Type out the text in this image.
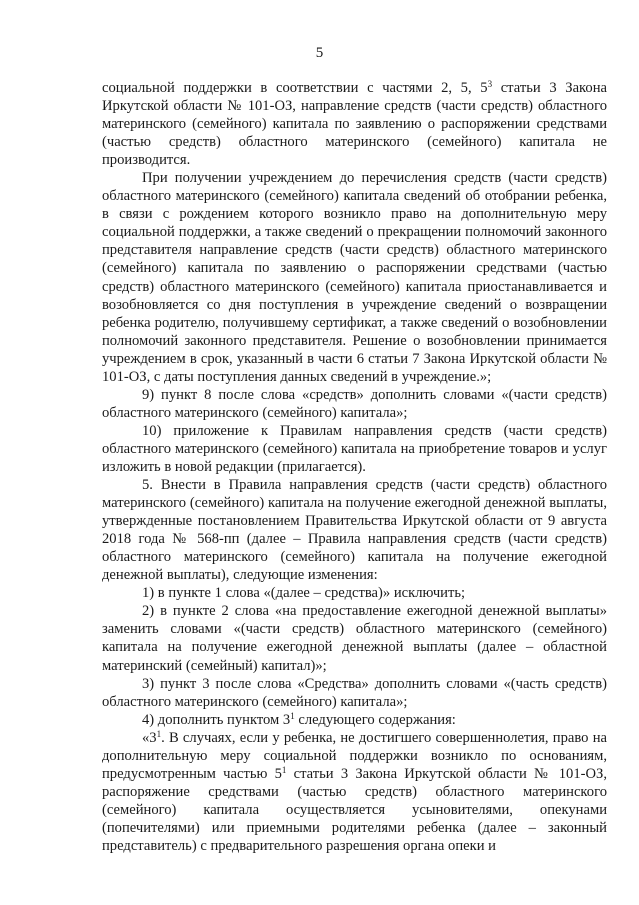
5

социальной поддержки в соответствии с частями 2, 5, $5^3$ статьи 3 Закона Иркутской области № 101-ОЗ, направление средств (части средств) областного материнского (семейного) капитала по заявлению о распоряжении средствами (частью средств) областного материнского (семейного) капитала не производится.

При получении учреждением до перечисления средств (части средств) областного материнского (семейного) капитала сведений об отобрании ребенка, в связи с рождением которого возникло право на дополнительную меру социальной поддержки, а также сведений о прекращении полномочий законного представителя направление средств (части средств) областного материнского (семейного) капитала по заявлению о распоряжении средствами (частью средств) областного материнского (семейного) капитала приостанавливается и возобновляется со дня поступления в учреждение сведений о возвращении ребенка родителю, получившему сертификат, а также сведений о возобновлении полномочий законного представителя. Решение о возобновлении принимается учреждением в срок, указанный в части 6 статьи 7 Закона Иркутской области № 101-ОЗ, с даты поступления данных сведений в учреждение.»;

9) пункт 8 после слова «средств» дополнить словами «(части средств) областного материнского (семейного) капитала»;

10) приложение к Правилам направления средств (части средств) областного материнского (семейного) капитала на приобретение товаров и услуг изложить в новой редакции (прилагается).

5. Внести в Правила направления средств (части средств) областного материнского (семейного) капитала на получение ежегодной денежной выплаты, утвержденные постановлением Правительства Иркутской области от 9 августа 2018 года № 568-пп (далее – Правила направления средств (части средств) областного материнского (семейного) капитала на получение ежегодной денежной выплаты), следующие изменения:

1) в пункте 1 слова «(далее – средства)» исключить;

2) в пункте 2 слова «на предоставление ежегодной денежной выплаты» заменить словами «(части средств) областного материнского (семейного) капитала на получение ежегодной денежной выплаты (далее – областной материнский (семейный) капитал)»;

3) пункт 3 после слова «Средства» дополнить словами «(часть средств) областного материнского (семейного) капитала»;

4) дополнить пунктом $3^1$ следующего содержания:

«$3^1$. В случаях, если у ребенка, не достигшего совершеннолетия, право на дополнительную меру социальной поддержки возникло по основаниям, предусмотренным частью $5^1$ статьи 3 Закона Иркутской области № 101-ОЗ, распоряжение средствами (частью средств) областного материнского (семейного) капитала осуществляется усыновителями, опекунами (попечителями) или приемными родителями ребенка (далее – законный представитель) с предварительного разрешения органа опеки и
